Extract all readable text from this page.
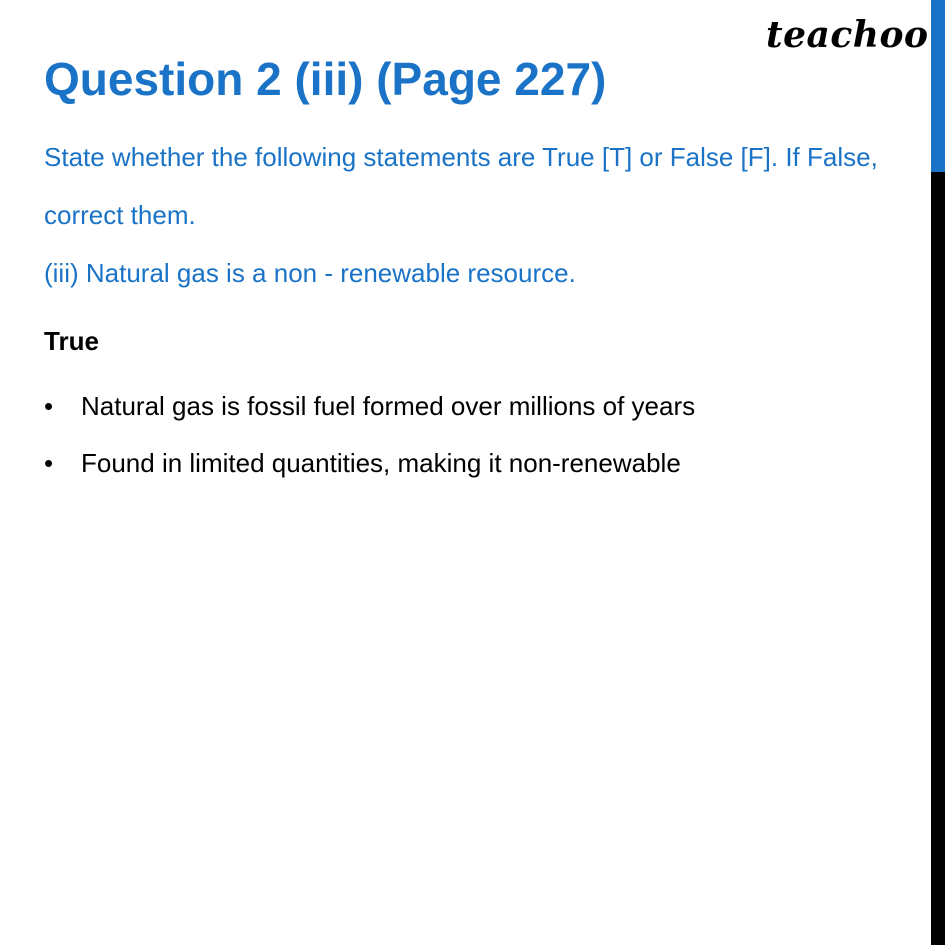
teachoo
Question 2 (iii) (Page 227)

State whether the following statements are True [T] or False [F]. If False, correct them.

(iii) Natural gas is a non - renewable resource.

True
• Natural gas is fossil fuel formed over millions of years
• Found in limited quantities, making it non-renewable
